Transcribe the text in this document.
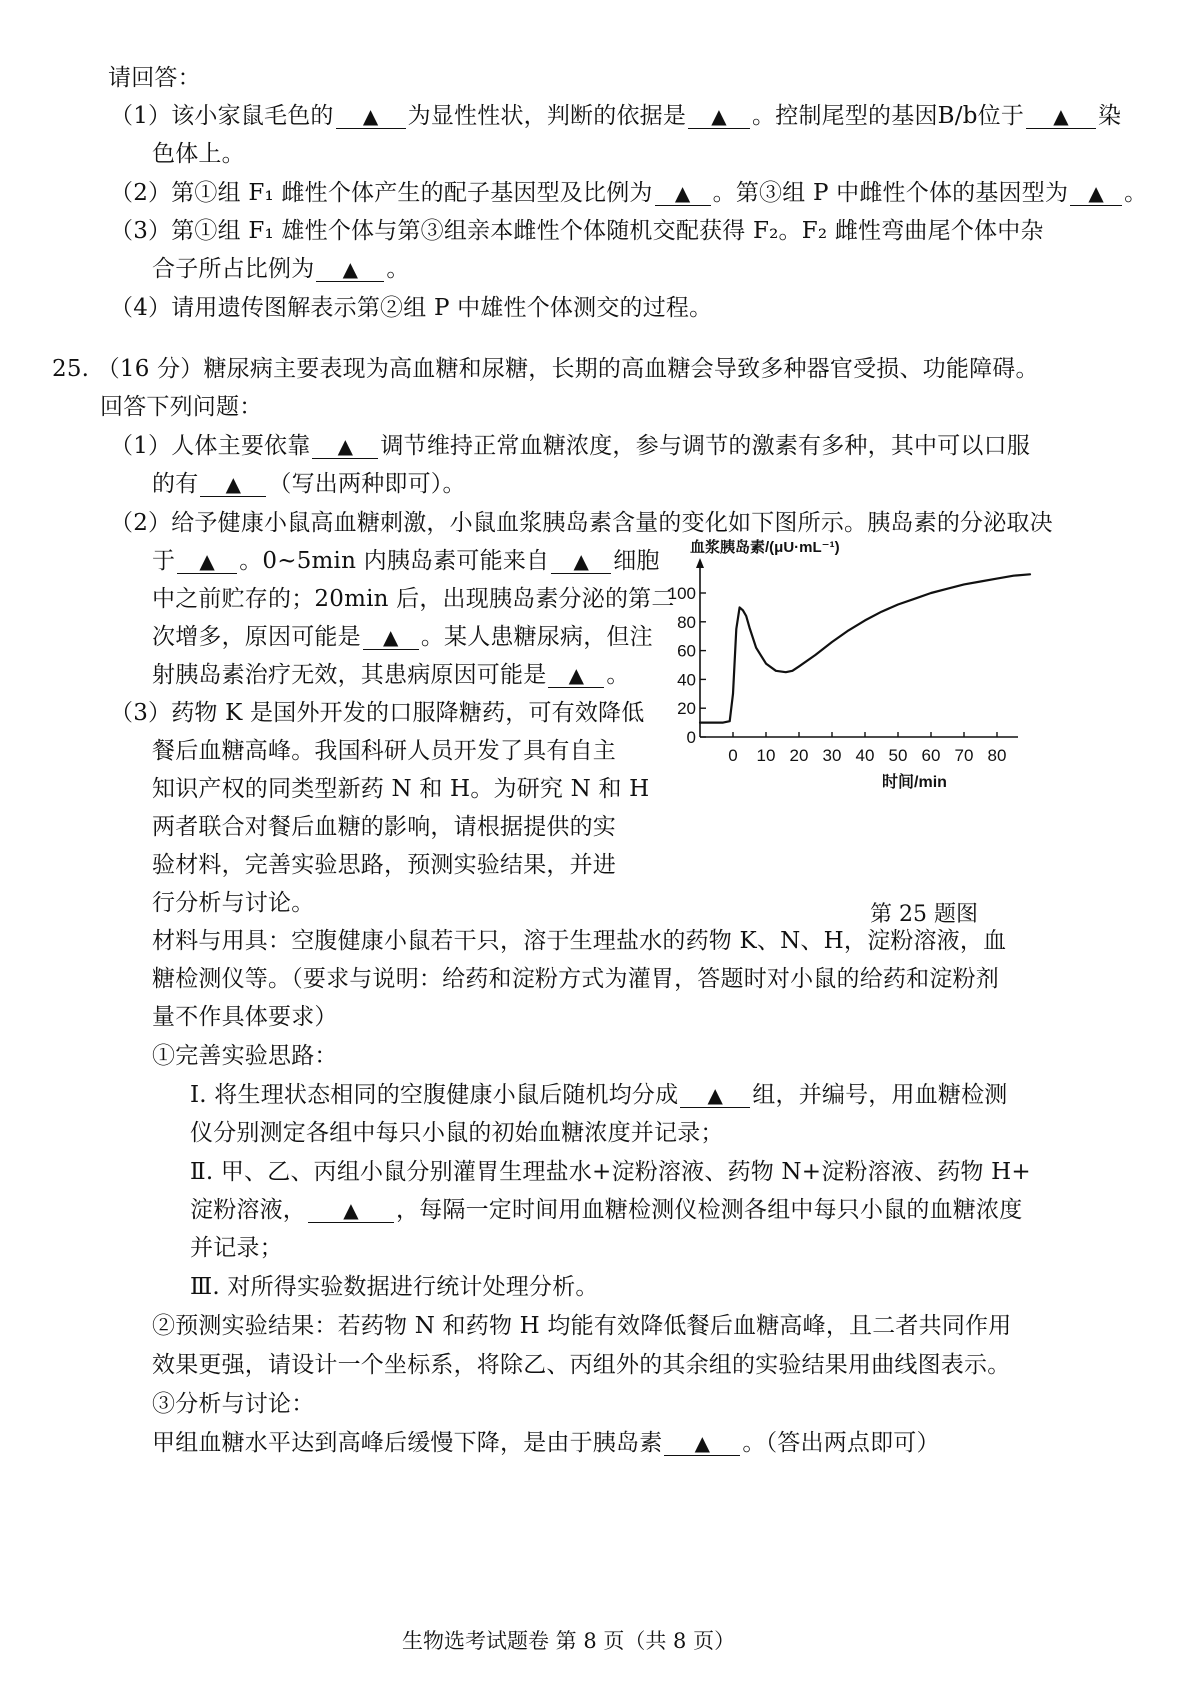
请回答：
（1）该小家鼠毛色的 ▲ 为显性性状，判断的依据是 ▲ 。控制尾型的基因B/b位于 ▲ 染
色体上。
（2）第①组 F₁ 雌性个体产生的配子基因型及比例为 ▲ 。第③组 P 中雌性个体的基因型为 ▲ 。
（3）第①组 F₁ 雄性个体与第③组亲本雌性个体随机交配获得 F₂。F₂ 雌性弯曲尾个体中杂
合子所占比例为 ▲ 。
（4）请用遗传图解表示第②组 P 中雄性个体测交的过程。
25. （16 分）糖尿病主要表现为高血糖和尿糖，长期的高血糖会导致多种器官受损、功能障碍。
回答下列问题：
（1）人体主要依靠 ▲ 调节维持正常血糖浓度，参与调节的激素有多种，其中可以口服
的有 ▲ （写出两种即可）。
（2）给予健康小鼠高血糖刺激，小鼠血浆胰岛素含量的变化如下图所示。胰岛素的分泌取决
于 ▲ 。0~5min 内胰岛素可能来自 ▲ 细胞
中之前贮存的；20min 后，出现胰岛素分泌的第二
次增多，原因可能是 ▲ 。某人患糖尿病，但注
射胰岛素治疗无效，其患病原因可能是 ▲ 。
（3）药物 K 是国外开发的口服降糖药，可有效降低
餐后血糖高峰。我国科研人员开发了具有自主
知识产权的同类型新药 N 和 H。为研究 N 和 H
两者联合对餐后血糖的影响，请根据提供的实
验材料，完善实验思路，预测实验结果，并进
行分析与讨论。
材料与用具：空腹健康小鼠若干只，溶于生理盐水的药物 K、N、H，淀粉溶液，血
糖检测仪等。（要求与说明：给药和淀粉方式为灌胃，答题时对小鼠的给药和淀粉剂
量不作具体要求）
①完善实验思路：
Ⅰ. 将生理状态相同的空腹健康小鼠后随机均分成 ▲ 组，并编号，用血糖检测
仪分别测定各组中每只小鼠的初始血糖浓度并记录；
Ⅱ. 甲、乙、丙组小鼠分别灌胃生理盐水+淀粉溶液、药物 N+淀粉溶液、药物 H+
淀粉溶液， ▲ ，每隔一定时间用血糖检测仪检测各组中每只小鼠的血糖浓度
并记录；
Ⅲ. 对所得实验数据进行统计处理分析。
②预测实验结果：若药物 N 和药物 H 均能有效降低餐后血糖高峰，且二者共同作用
效果更强，请设计一个坐标系，将除乙、丙组外的其余组的实验结果用曲线图表示。
③分析与讨论：
甲组血糖水平达到高峰后缓慢下降，是由于胰岛素 ▲ 。（答出两点即可）
0
20
40
60
80
100
0 10 20 30 40 50 60 70 80
血浆胰岛素/(μU·mL⁻¹)
时间/min
第 25 题图
生物选考试题卷 第 8 页（共 8 页）
